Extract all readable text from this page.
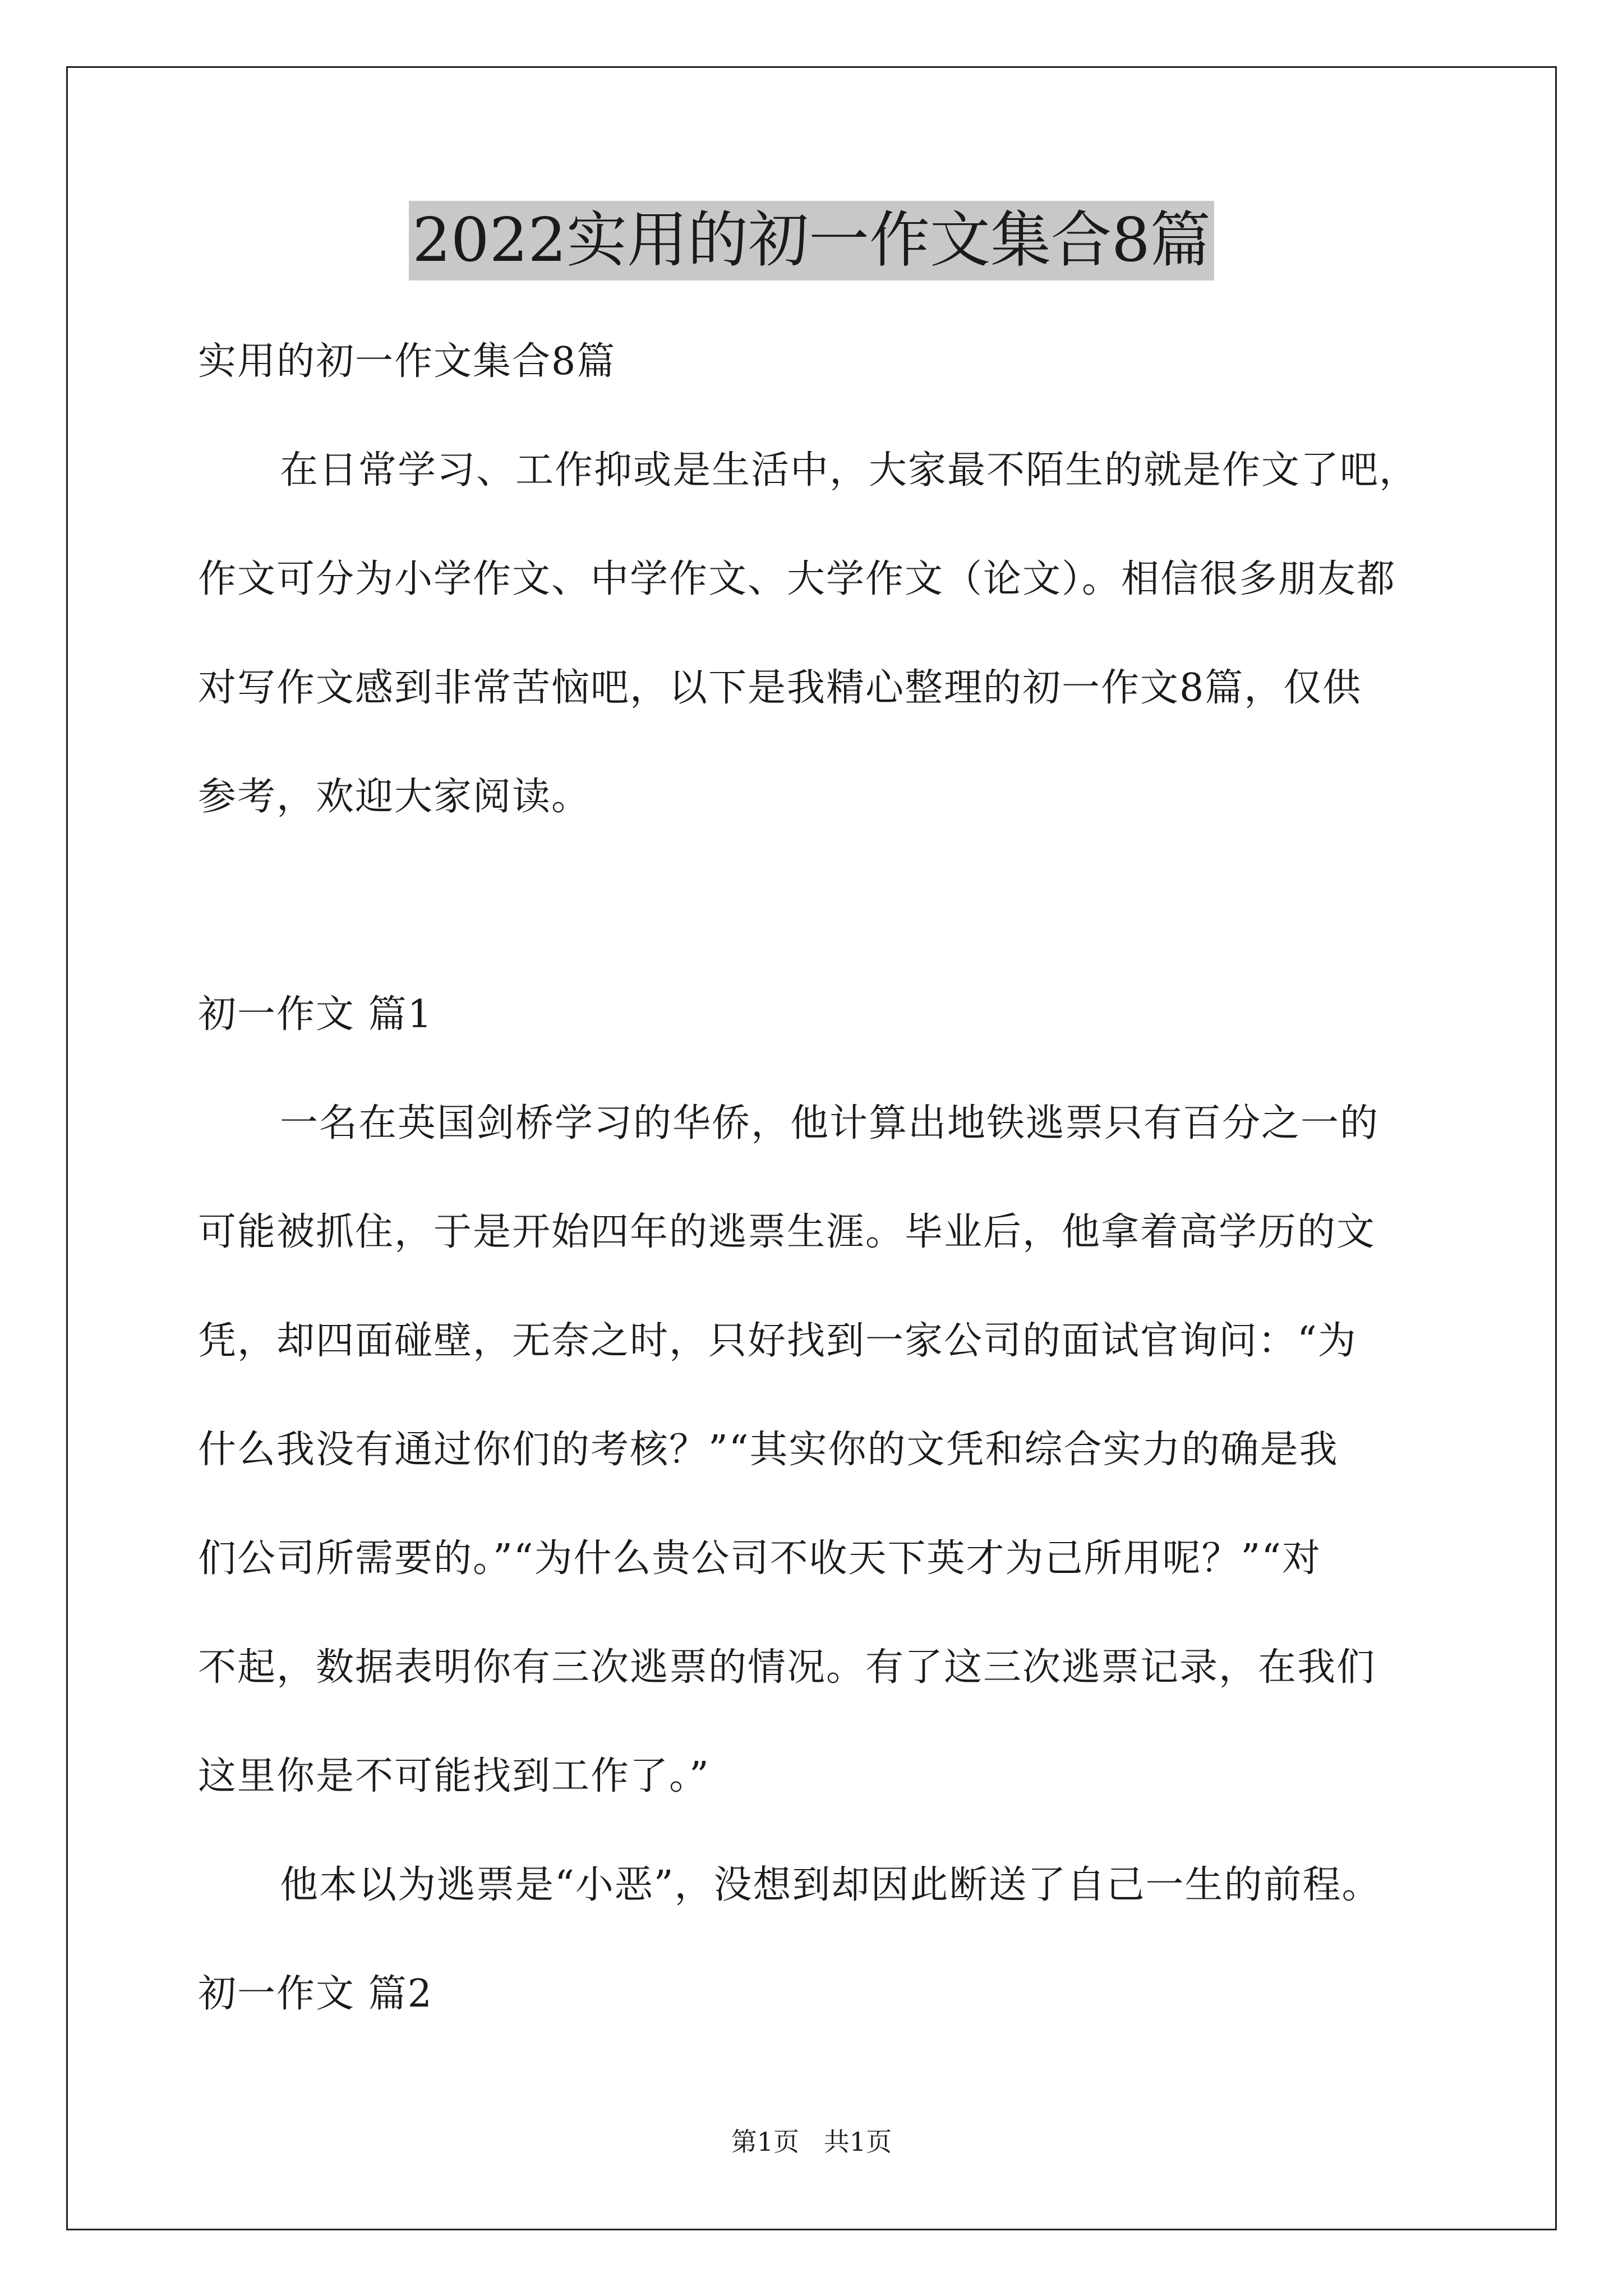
2022实用的初一作文集合8篇
实用的初一作文集合8篇
在日常学习、工作抑或是生活中，大家最不陌生的就是作文了吧，
作文可分为小学作文、中学作文、大学作文（论文）。相信很多朋友都
对写作文感到非常苦恼吧，以下是我精心整理的初一作文8篇，仅供
参考，欢迎大家阅读。
初一作文 篇1
一名在英国剑桥学习的华侨，他计算出地铁逃票只有百分之一的
可能被抓住，于是开始四年的逃票生涯。毕业后，他拿着高学历的文
凭，却四面碰壁，无奈之时，只好找到一家公司的面试官询问：“为
什么我没有通过你们的考核？”“其实你的文凭和综合实力的确是我
们公司所需要的。”“为什么贵公司不收天下英才为己所用呢？”“对
不起，数据表明你有三次逃票的情况。有了这三次逃票记录，在我们
这里你是不可能找到工作了。”
他本以为逃票是“小恶”，没想到却因此断送了自己一生的前程。
初一作文 篇2
第1页   共1页
